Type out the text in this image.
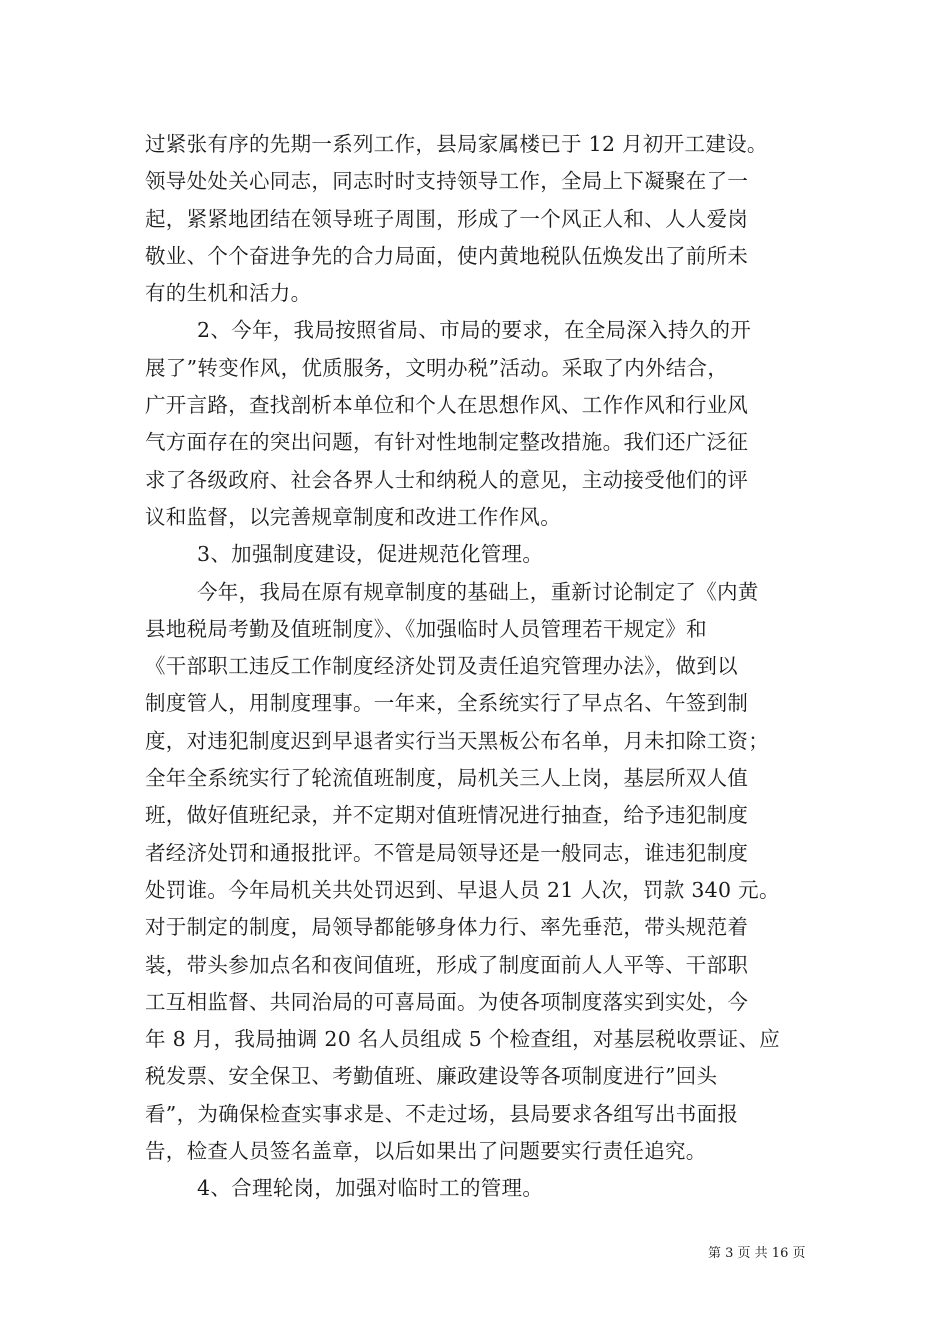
过紧张有序的先期一系列工作，县局家属楼已于 12 月初开工建设。
领导处处关心同志，同志时时支持领导工作，全局上下凝聚在了一
起，紧紧地团结在领导班子周围，形成了一个风正人和、人人爱岗
敬业、个个奋进争先的合力局面，使内黄地税队伍焕发出了前所未
有的生机和活力。
2、今年，我局按照省局、市局的要求，在全局深入持久的开
展了”转变作风，优质服务，文明办税”活动。采取了内外结合，
广开言路，查找剖析本单位和个人在思想作风、工作作风和行业风
气方面存在的突出问题，有针对性地制定整改措施。我们还广泛征
求了各级政府、社会各界人士和纳税人的意见，主动接受他们的评
议和监督，以完善规章制度和改进工作作风。
3、加强制度建设，促进规范化管理。
今年，我局在原有规章制度的基础上，重新讨论制定了《内黄
县地税局考勤及值班制度》、《加强临时人员管理若干规定》和
《干部职工违反工作制度经济处罚及责任追究管理办法》，做到以
制度管人，用制度理事。一年来，全系统实行了早点名、午签到制
度，对违犯制度迟到早退者实行当天黑板公布名单，月未扣除工资；
全年全系统实行了轮流值班制度，局机关三人上岗，基层所双人值
班，做好值班纪录，并不定期对值班情况进行抽查，给予违犯制度
者经济处罚和通报批评。不管是局领导还是一般同志，谁违犯制度
处罚谁。今年局机关共处罚迟到、早退人员 21 人次，罚款 340 元。
对于制定的制度，局领导都能够身体力行、率先垂范，带头规范着
装，带头参加点名和夜间值班，形成了制度面前人人平等、干部职
工互相监督、共同治局的可喜局面。为使各项制度落实到实处，今
年 8 月，我局抽调 20 名人员组成 5 个检查组，对基层税收票证、应
税发票、安全保卫、考勤值班、廉政建设等各项制度进行”回头
看”，为确保检查实事求是、不走过场，县局要求各组写出书面报
告，检查人员签名盖章，以后如果出了问题要实行责任追究。
4、合理轮岗，加强对临时工的管理。
第 3 页 共 16 页
